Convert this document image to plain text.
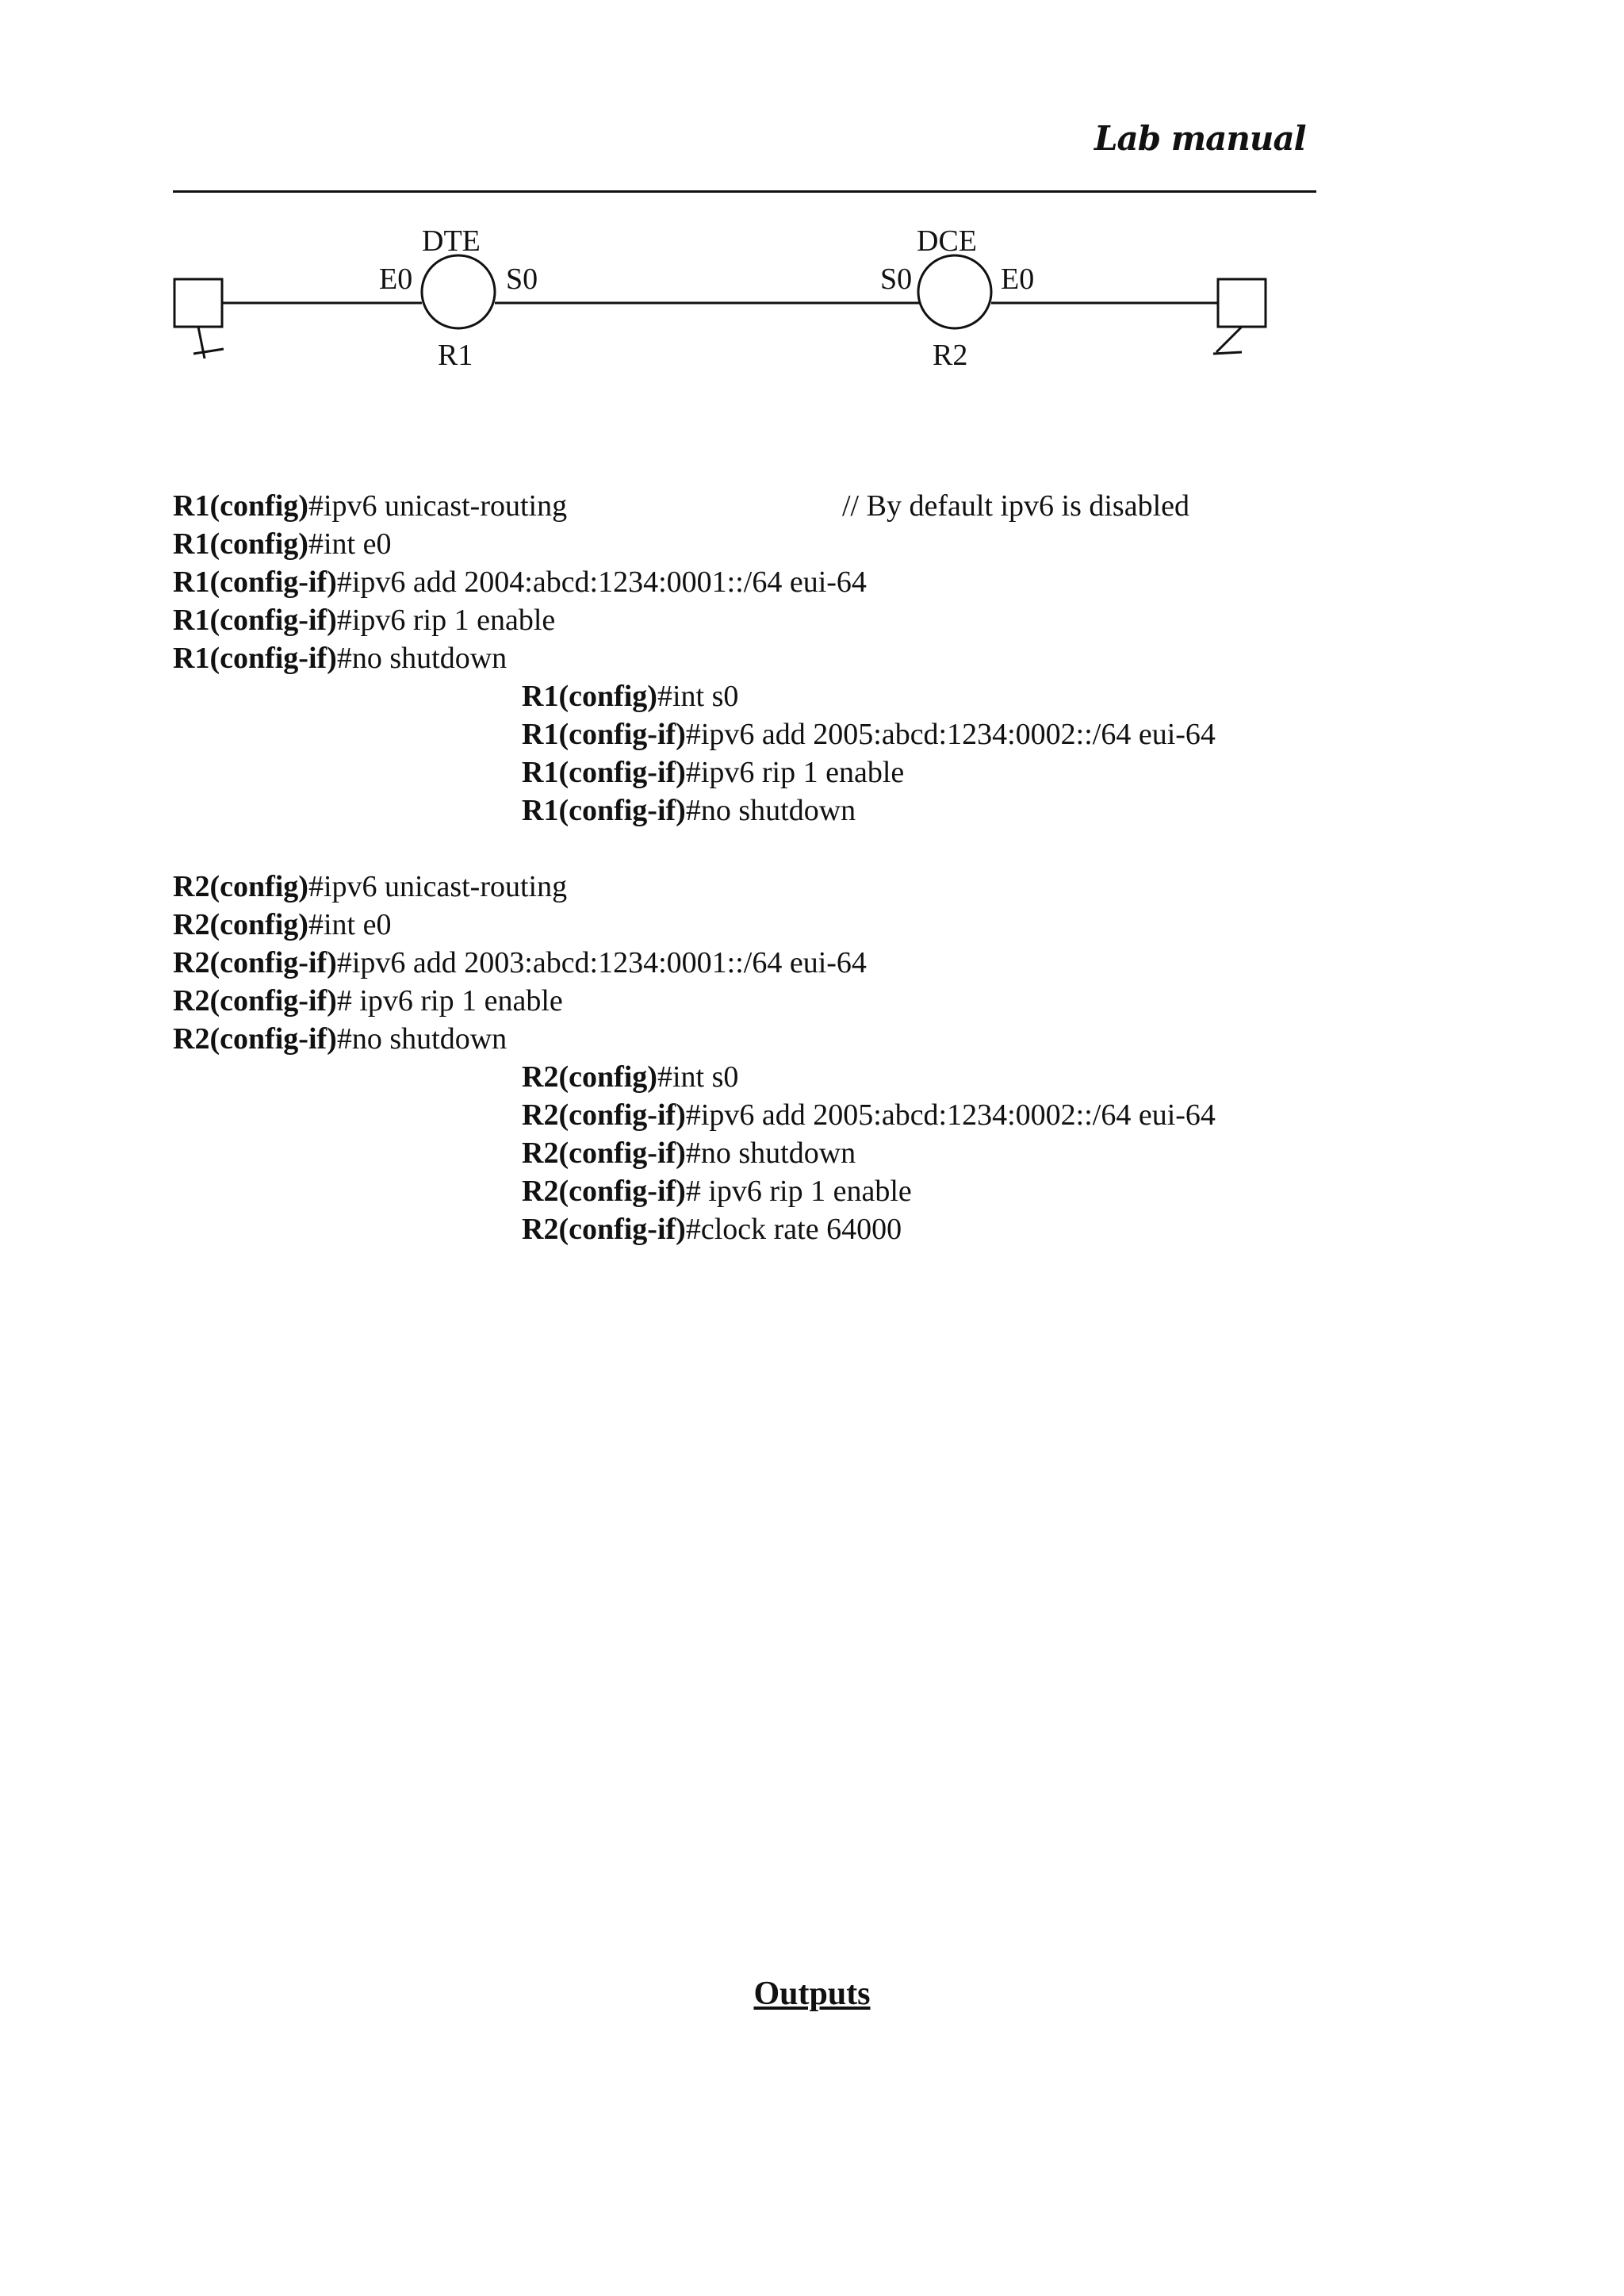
Lab manual
DTE
E0	S0
R1
DCE
S0	E0
R2
R1(config)#ipv6 unicast-routing	// By default ipv6 is disabled
R1(config)#int e0
R1(config-if)#ipv6 add 2004:abcd:1234:0001::/64 eui-64
R1(config-if)#ipv6 rip 1 enable
R1(config-if)#no shutdown
R1(config)#int s0
R1(config-if)#ipv6 add 2005:abcd:1234:0002::/64 eui-64
R1(config-if)#ipv6 rip 1 enable
R1(config-if)#no shutdown
R2(config)#ipv6 unicast-routing
R2(config)#int e0
R2(config-if)#ipv6 add 2003:abcd:1234:0001::/64 eui-64
R2(config-if)# ipv6 rip 1 enable
R2(config-if)#no shutdown
R2(config)#int s0
R2(config-if)#ipv6 add 2005:abcd:1234:0002::/64 eui-64
R2(config-if)#no shutdown
R2(config-if)# ipv6 rip 1 enable
R2(config-if)#clock rate 64000
Outputs
